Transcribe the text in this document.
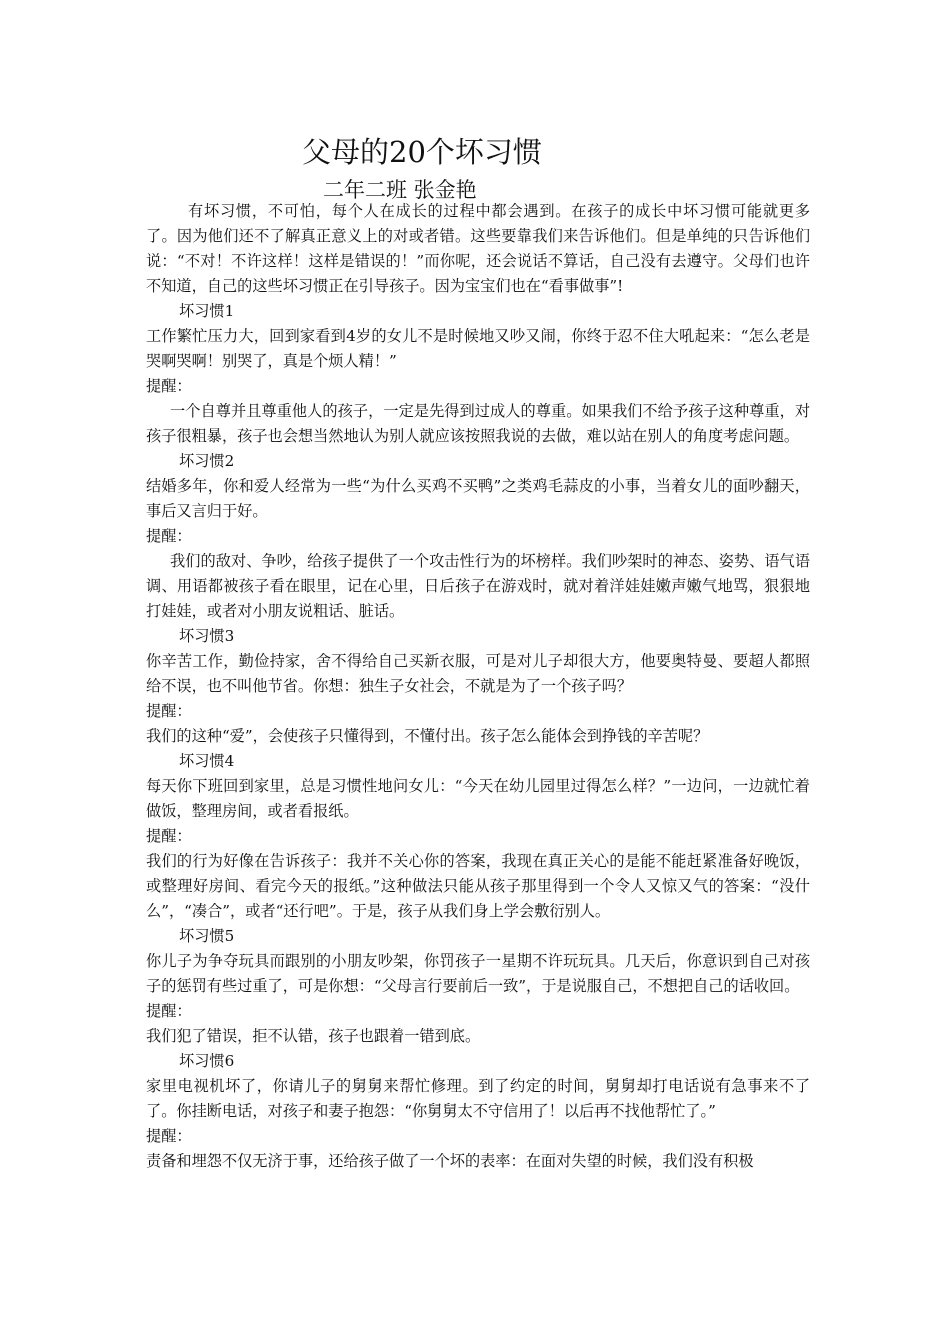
父母的20个坏习惯
二年二班 张金艳

有坏习惯，不可怕，每个人在成长的过程中都会遇到。在孩子的成长中坏习惯可能就更多了。因为他们还不了解真正意义上的对或者错。这些要靠我们来告诉他们。但是单纯的只告诉他们说：“不对！不许这样！这样是错误的！”而你呢，还会说话不算话，自己没有去遵守。父母们也许不知道，自己的这些坏习惯正在引导孩子。因为宝宝们也在“看事做事”!

坏习惯1

工作繁忙压力大，回到家看到4岁的女儿不是时候地又吵又闹，你终于忍不住大吼起来：“怎么老是哭啊哭啊！别哭了，真是个烦人精！”

提醒：

一个自尊并且尊重他人的孩子，一定是先得到过成人的尊重。如果我们不给予孩子这种尊重，对孩子很粗暴，孩子也会想当然地认为别人就应该按照我说的去做，难以站在别人的角度考虑问题。

坏习惯2

结婚多年，你和爱人经常为一些“为什么买鸡不买鸭”之类鸡毛蒜皮的小事，当着女儿的面吵翻天，事后又言归于好。

提醒：

我们的敌对、争吵，给孩子提供了一个攻击性行为的坏榜样。我们吵架时的神态、姿势、语气语调、用语都被孩子看在眼里，记在心里，日后孩子在游戏时，就对着洋娃娃嫩声嫩气地骂，狠狠地打娃娃，或者对小朋友说粗话、脏话。

坏习惯3

你辛苦工作，勤俭持家，舍不得给自己买新衣服，可是对儿子却很大方，他要奥特曼、要超人都照给不误，也不叫他节省。你想：独生子女社会，不就是为了一个孩子吗？

提醒：

我们的这种“爱”，会使孩子只懂得到，不懂付出。孩子怎么能体会到挣钱的辛苦呢？

坏习惯4

每天你下班回到家里，总是习惯性地问女儿：“今天在幼儿园里过得怎么样？”一边问，一边就忙着做饭，整理房间，或者看报纸。

提醒：

我们的行为好像在告诉孩子：我并不关心你的答案，我现在真正关心的是能不能赶紧准备好晚饭，或整理好房间、看完今天的报纸。”这种做法只能从孩子那里得到一个令人又惊又气的答案：“没什么”，“凑合”，或者“还行吧”。于是，孩子从我们身上学会敷衍别人。

坏习惯5

你儿子为争夺玩具而跟别的小朋友吵架，你罚孩子一星期不许玩玩具。几天后，你意识到自己对孩子的惩罚有些过重了，可是你想：“父母言行要前后一致”，于是说服自己，不想把自己的话收回。

提醒：

我们犯了错误，拒不认错，孩子也跟着一错到底。

坏习惯6

家里电视机坏了，你请儿子的舅舅来帮忙修理。到了约定的时间，舅舅却打电话说有急事来不了了。你挂断电话，对孩子和妻子抱怨：“你舅舅太不守信用了！以后再不找他帮忙了。”

提醒：

责备和埋怨不仅无济于事，还给孩子做了一个坏的表率：在面对失望的时候，我们没有积极
